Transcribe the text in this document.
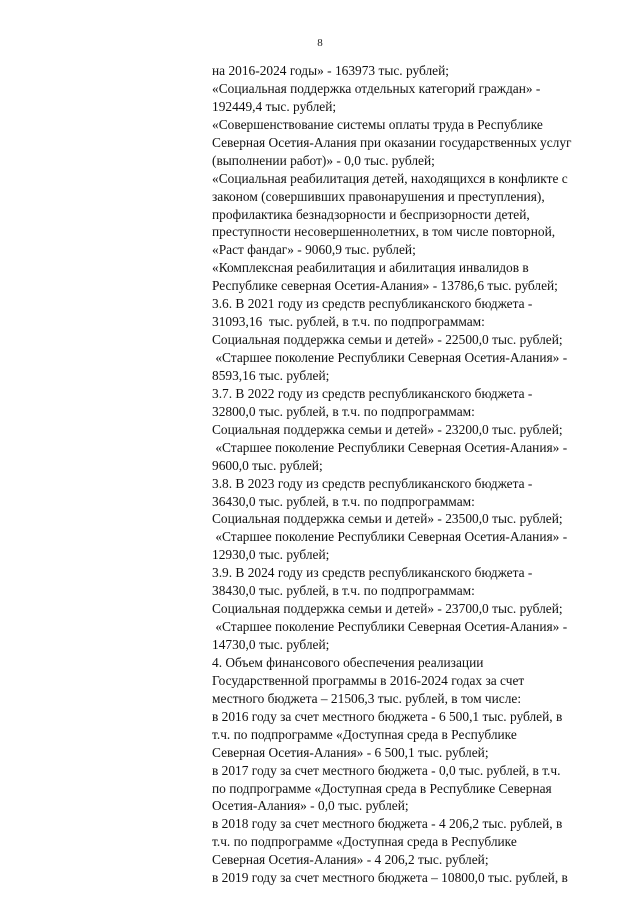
8
на 2016-2024 годы» - 163973 тыс. рублей;
«Социальная поддержка отдельных категорий граждан» -
192449,4 тыс. рублей;
«Совершенствование системы оплаты труда в Республике
Северная Осетия-Алания при оказании государственных услуг
(выполнении работ)» - 0,0 тыс. рублей;
«Социальная реабилитация детей, находящихся в конфликте с
законом (совершивших правонарушения и преступления),
профилактика безнадзорности и беспризорности детей,
преступности несовершеннолетних, в том числе повторной,
«Раст фандаг» - 9060,9 тыс. рублей;
«Комплексная реабилитация и абилитация инвалидов в
Республике северная Осетия-Алания» - 13786,6 тыс. рублей;
3.6. В 2021 году из средств республиканского бюджета -
31093,16  тыс. рублей, в т.ч. по подпрограммам:
Социальная поддержка семьи и детей» - 22500,0 тыс. рублей;
«Старшее поколение Республики Северная Осетия-Алания» -
8593,16 тыс. рублей;
3.7. В 2022 году из средств республиканского бюджета -
32800,0 тыс. рублей, в т.ч. по подпрограммам:
Социальная поддержка семьи и детей» - 23200,0 тыс. рублей;
«Старшее поколение Республики Северная Осетия-Алания» -
9600,0 тыс. рублей;
3.8. В 2023 году из средств республиканского бюджета -
36430,0 тыс. рублей, в т.ч. по подпрограммам:
Социальная поддержка семьи и детей» - 23500,0 тыс. рублей;
«Старшее поколение Республики Северная Осетия-Алания» -
12930,0 тыс. рублей;
3.9. В 2024 году из средств республиканского бюджета -
38430,0 тыс. рублей, в т.ч. по подпрограммам:
Социальная поддержка семьи и детей» - 23700,0 тыс. рублей;
«Старшее поколение Республики Северная Осетия-Алания» -
14730,0 тыс. рублей;
4. Объем финансового обеспечения реализации
Государственной программы в 2016-2024 годах за счет
местного бюджета – 21506,3 тыс. рублей, в том числе:
в 2016 году за счет местного бюджета - 6 500,1 тыс. рублей, в
т.ч. по подпрограмме «Доступная среда в Республике
Северная Осетия-Алания» - 6 500,1 тыс. рублей;
в 2017 году за счет местного бюджета - 0,0 тыс. рублей, в т.ч.
по подпрограмме «Доступная среда в Республике Северная
Осетия-Алания» - 0,0 тыс. рублей;
в 2018 году за счет местного бюджета - 4 206,2 тыс. рублей, в
т.ч. по подпрограмме «Доступная среда в Республике
Северная Осетия-Алания» - 4 206,2 тыс. рублей;
в 2019 году за счет местного бюджета – 10800,0 тыс. рублей, в
